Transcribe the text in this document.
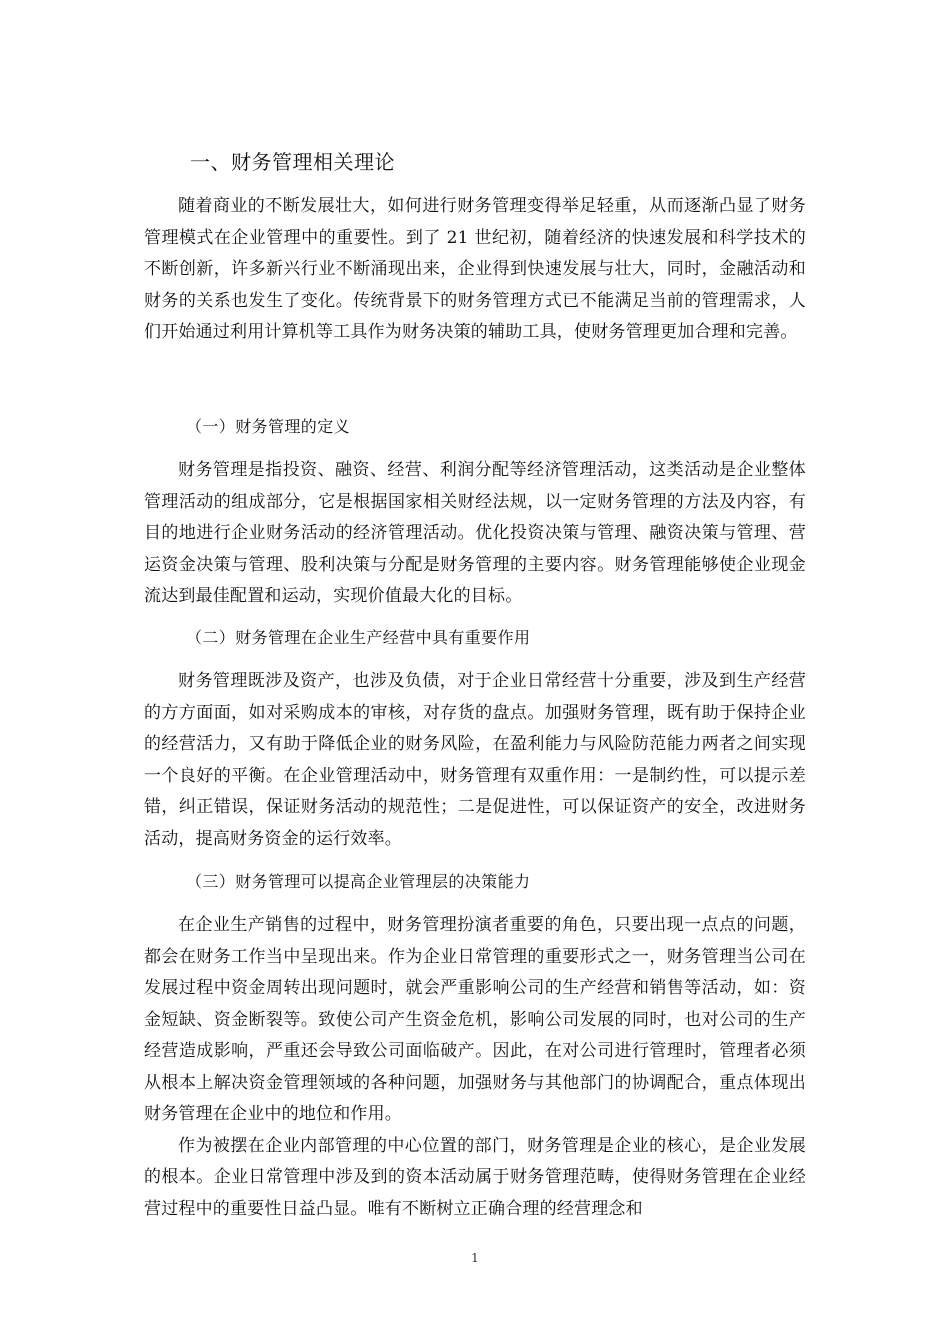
一、财务管理相关理论

随着商业的不断发展壮大，如何进行财务管理变得举足轻重，从而逐渐凸显了财务管理模式在企业管理中的重要性。到了 21 世纪初，随着经济的快速发展和科学技术的不断创新，许多新兴行业不断涌现出来，企业得到快速发展与壮大，同时，金融活动和财务的关系也发生了变化。传统背景下的财务管理方式已不能满足当前的管理需求，人们开始通过利用计算机等工具作为财务决策的辅助工具，使财务管理更加合理和完善。

（一）财务管理的定义

财务管理是指投资、融资、经营、利润分配等经济管理活动，这类活动是企业整体管理活动的组成部分，它是根据国家相关财经法规，以一定财务管理的方法及内容，有目的地进行企业财务活动的经济管理活动。优化投资决策与管理、融资决策与管理、营运资金决策与管理、股利决策与分配是财务管理的主要内容。财务管理能够使企业现金流达到最佳配置和运动，实现价值最大化的目标。

（二）财务管理在企业生产经营中具有重要作用

财务管理既涉及资产，也涉及负债，对于企业日常经营十分重要，涉及到生产经营的方方面面，如对采购成本的审核，对存货的盘点。加强财务管理，既有助于保持企业的经营活力，又有助于降低企业的财务风险，在盈利能力与风险防范能力两者之间实现一个良好的平衡。在企业管理活动中，财务管理有双重作用：一是制约性，可以提示差错，纠正错误，保证财务活动的规范性；二是促进性，可以保证资产的安全，改进财务活动，提高财务资金的运行效率。

（三）财务管理可以提高企业管理层的决策能力

在企业生产销售的过程中，财务管理扮演者重要的角色，只要出现一点点的问题，都会在财务工作当中呈现出来。作为企业日常管理的重要形式之一，财务管理当公司在发展过程中资金周转出现问题时，就会严重影响公司的生产经营和销售等活动，如：资金短缺、资金断裂等。致使公司产生资金危机，影响公司发展的同时，也对公司的生产经营造成影响，严重还会导致公司面临破产。因此，在对公司进行管理时，管理者必须从根本上解决资金管理领域的各种问题，加强财务与其他部门的协调配合，重点体现出财务管理在企业中的地位和作用。

作为被摆在企业内部管理的中心位置的部门，财务管理是企业的核心，是企业发展的根本。企业日常管理中涉及到的资本活动属于财务管理范畴，使得财务管理在企业经营过程中的重要性日益凸显。唯有不断树立正确合理的经营理念和

1
